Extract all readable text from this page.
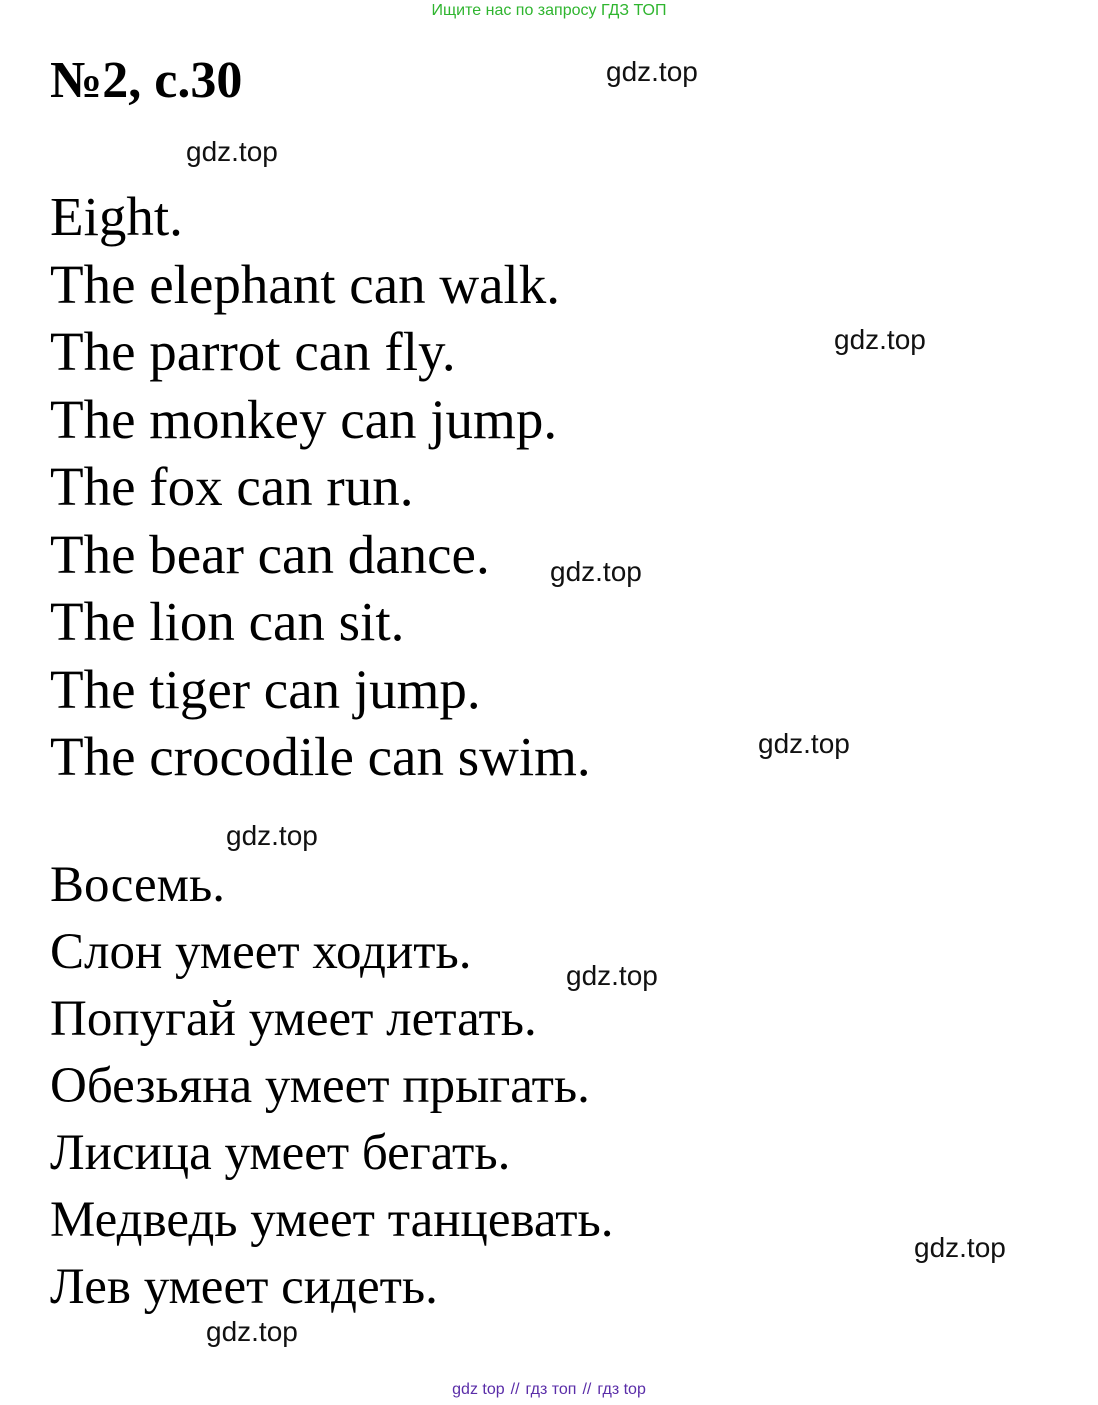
Ищите нас по запросу ГДЗ ТОП
№2, с.30
Eight.
The elephant can walk.
The parrot can fly.
The monkey can jump.
The fox can run.
The bear can dance.
The lion can sit.
The tiger can jump.
The crocodile can swim.
Восемь.
Слон умеет ходить.
Попугай умеет летать.
Обезьяна умеет прыгать.
Лисица умеет бегать.
Медведь умеет танцевать.
Лев умеет сидеть.
gdz.top
gdz.top
gdz.top
gdz.top
gdz.top
gdz.top
gdz.top
gdz.top
gdz.top
gdz top // гдз топ // гдз top
